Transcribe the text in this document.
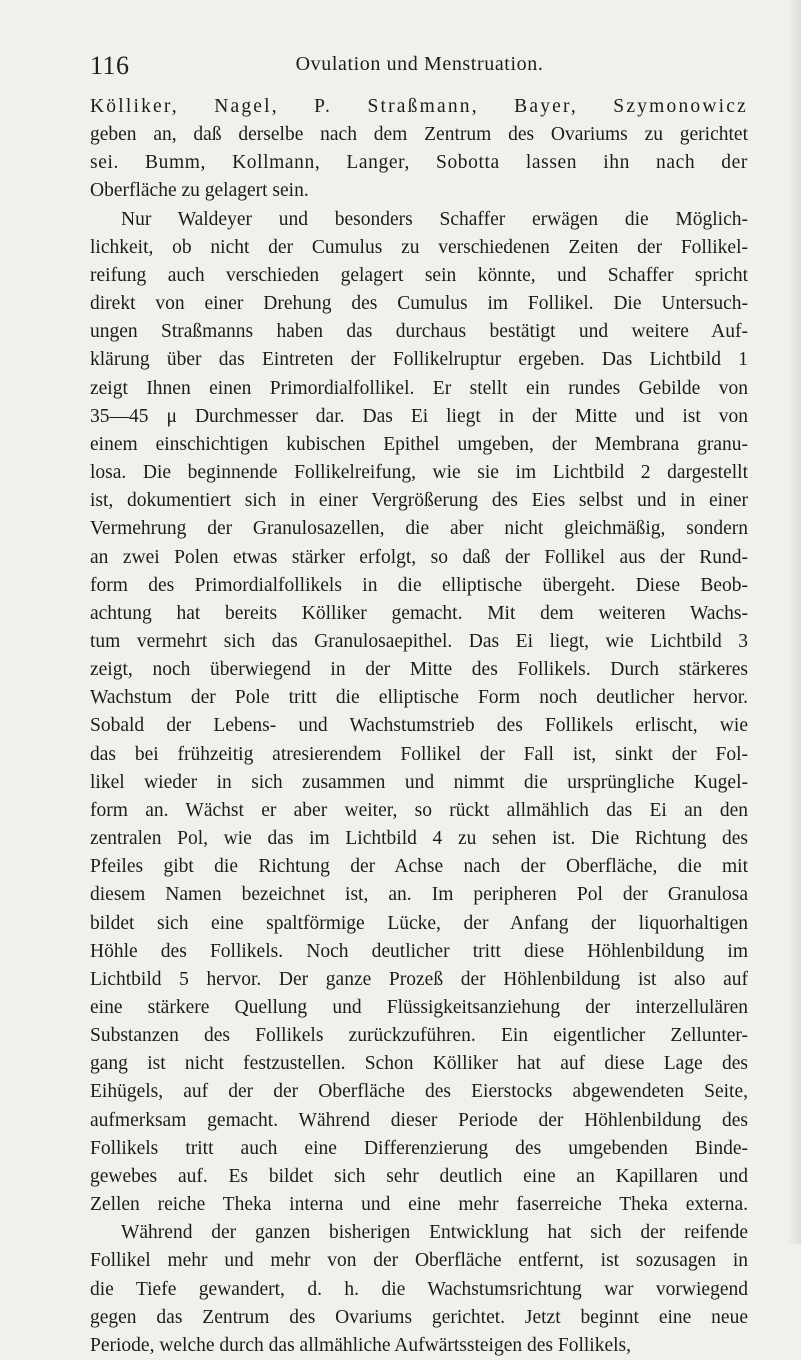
116	Ovulation und Menstruation.
Kölliker, Nagel, P. Straßmann, Bayer, Szymonowicz
geben an, daß derselbe nach dem Zentrum des Ovariums zu gerichtet
sei. Bumm, Kollmann, Langer, Sobotta lassen ihn nach der
Oberfläche zu gelagert sein.
Nur Waldeyer und besonders Schaffer erwägen die Möglich-
lichkeit, ob nicht der Cumulus zu verschiedenen Zeiten der Follikel-
reifung auch verschieden gelagert sein könnte, und Schaffer spricht
direkt von einer Drehung des Cumulus im Follikel. Die Untersuch-
ungen Straßmanns haben das durchaus bestätigt und weitere Auf-
klärung über das Eintreten der Follikelruptur ergeben. Das Lichtbild 1
zeigt Ihnen einen Primordialfollikel. Er stellt ein rundes Gebilde von
35—45 μ Durchmesser dar. Das Ei liegt in der Mitte und ist von
einem einschichtigen kubischen Epithel umgeben, der Membrana granu-
losa. Die beginnende Follikelreifung, wie sie im Lichtbild 2 dargestellt
ist, dokumentiert sich in einer Vergrößerung des Eies selbst und in einer
Vermehrung der Granulosazellen, die aber nicht gleichmäßig, sondern
an zwei Polen etwas stärker erfolgt, so daß der Follikel aus der Rund-
form des Primordialfollikels in die elliptische übergeht. Diese Beob-
achtung hat bereits Kölliker gemacht. Mit dem weiteren Wachs-
tum vermehrt sich das Granulosaepithel. Das Ei liegt, wie Lichtbild 3
zeigt, noch überwiegend in der Mitte des Follikels. Durch stärkeres
Wachstum der Pole tritt die elliptische Form noch deutlicher hervor.
Sobald der Lebens- und Wachstumstrieb des Follikels erlischt, wie
das bei frühzeitig atresierendem Follikel der Fall ist, sinkt der Fol-
likel wieder in sich zusammen und nimmt die ursprüngliche Kugel-
form an. Wächst er aber weiter, so rückt allmählich das Ei an den
zentralen Pol, wie das im Lichtbild 4 zu sehen ist. Die Richtung des
Pfeiles gibt die Richtung der Achse nach der Oberfläche, die mit
diesem Namen bezeichnet ist, an. Im peripheren Pol der Granulosa
bildet sich eine spaltförmige Lücke, der Anfang der liquorhaltigen
Höhle des Follikels. Noch deutlicher tritt diese Höhlenbildung im
Lichtbild 5 hervor. Der ganze Prozeß der Höhlenbildung ist also auf
eine stärkere Quellung und Flüssigkeitsanziehung der interzellulären
Substanzen des Follikels zurückzuführen. Ein eigentlicher Zellunter-
gang ist nicht festzustellen. Schon Kölliker hat auf diese Lage des
Eihügels, auf der der Oberfläche des Eierstocks abgewendeten Seite,
aufmerksam gemacht. Während dieser Periode der Höhlenbildung des
Follikels tritt auch eine Differenzierung des umgebenden Binde-
gewebes auf. Es bildet sich sehr deutlich eine an Kapillaren und
Zellen reiche Theka interna und eine mehr faserreiche Theka externa.
Während der ganzen bisherigen Entwicklung hat sich der reifende
Follikel mehr und mehr von der Oberfläche entfernt, ist sozusagen in
die Tiefe gewandert, d. h. die Wachstumsrichtung war vorwiegend
gegen das Zentrum des Ovariums gerichtet. Jetzt beginnt eine neue
Periode, welche durch das allmähliche Aufwärtssteigen des Follikels,
